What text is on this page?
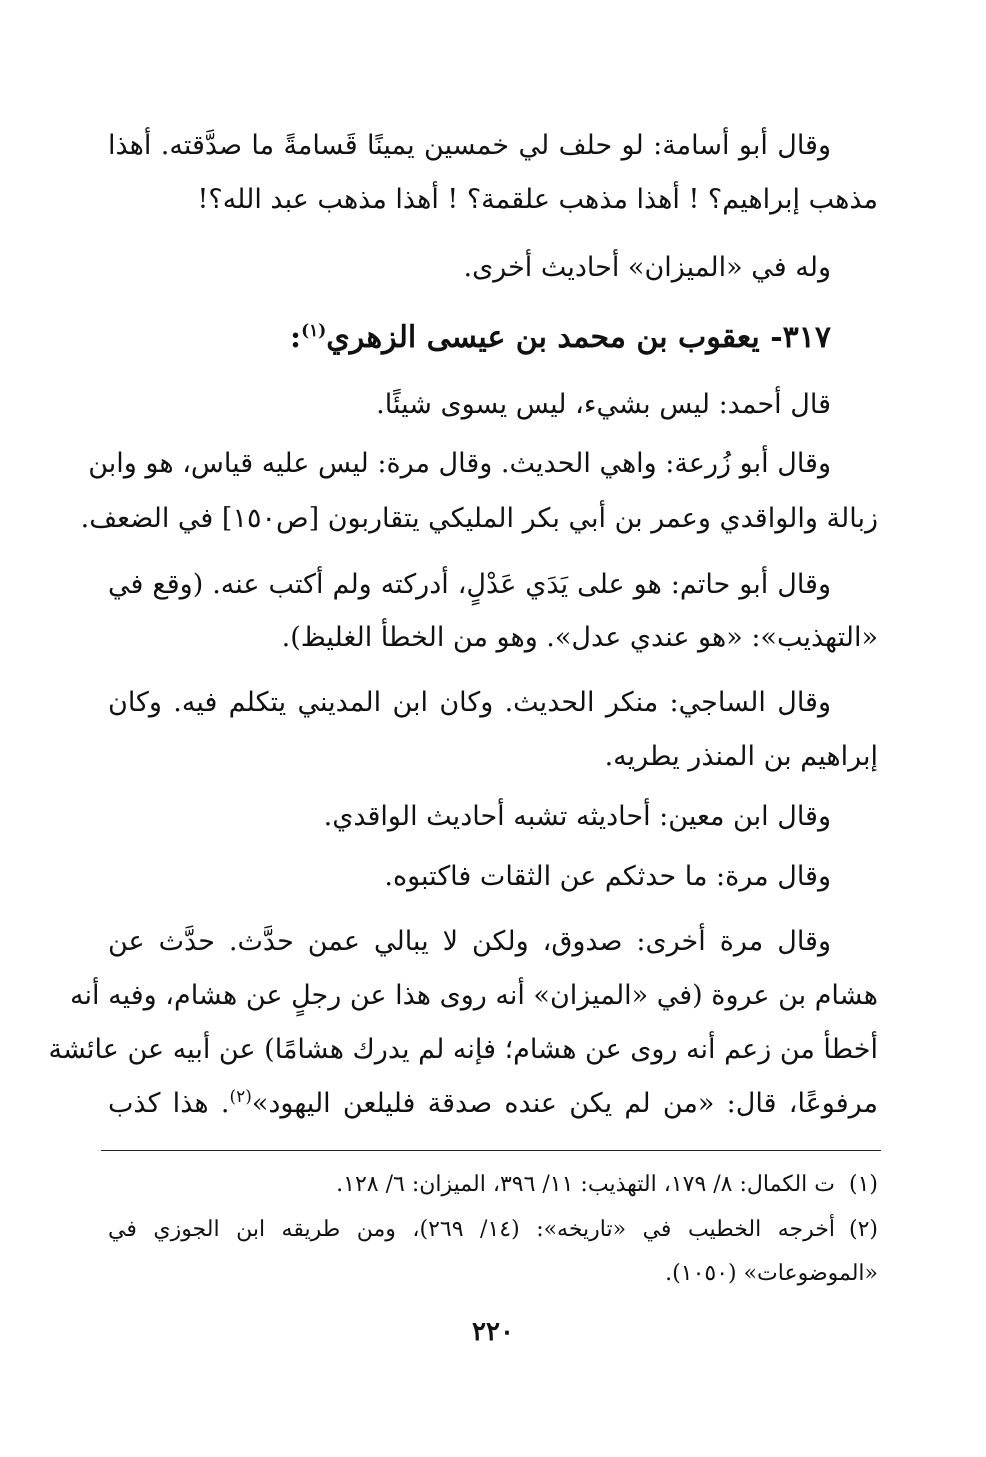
وقال أبو أسامة: لو حلف لي خمسين يمينًا قَسامةً ما صدَّقته. أهذا
مذهب إبراهيم؟ ! أهذا مذهب علقمة؟ ! أهذا مذهب عبد الله؟!
وله في «الميزان» أحاديث أخرى.
٣١٧- يعقوب بن محمد بن عيسى الزهري$^{(١)}$:
قال أحمد: ليس بشيء، ليس يسوى شيئًا.
وقال أبو زُرعة: واهي الحديث. وقال مرة: ليس عليه قياس، هو وابن
زبالة والواقدي وعمر بن أبي بكر المليكي يتقاربون [ص١٥٠] في الضعف.
وقال أبو حاتم: هو على يَدَي عَدْلٍ، أدركته ولم أكتب عنه. (وقع في
«التهذيب»: «هو عندي عدل». وهو من الخطأ الغليظ).
وقال الساجي: منكر الحديث. وكان ابن المديني يتكلم فيه. وكان
إبراهيم بن المنذر يطريه.
وقال ابن معين: أحاديثه تشبه أحاديث الواقدي.
وقال مرة: ما حدثكم عن الثقات فاكتبوه.
وقال مرة أخرى: صدوق، ولكن لا يبالي عمن حدَّث. حدَّث عن
هشام بن عروة (في «الميزان» أنه روى هذا عن رجلٍ عن هشام، وفيه أنه
أخطأ من زعم أنه روى عن هشام؛ فإنه لم يدرك هشامًا) عن أبيه عن عائشة
مرفوعًا، قال: «من لم يكن عنده صدقة فليلعن اليهود»$^{(٢)}$. هذا كذب
(١)ت الكمال: ٨/ ١٧٩، التهذيب: ١١/ ٣٩٦، الميزان: ٦/ ١٢٨.
(٢)أخرجه الخطيب في «تاريخه»: (١٤/ ٢٦٩)، ومن طريقه ابن الجوزي في
«الموضوعات» (١٠٥٠).
٢٢٠
